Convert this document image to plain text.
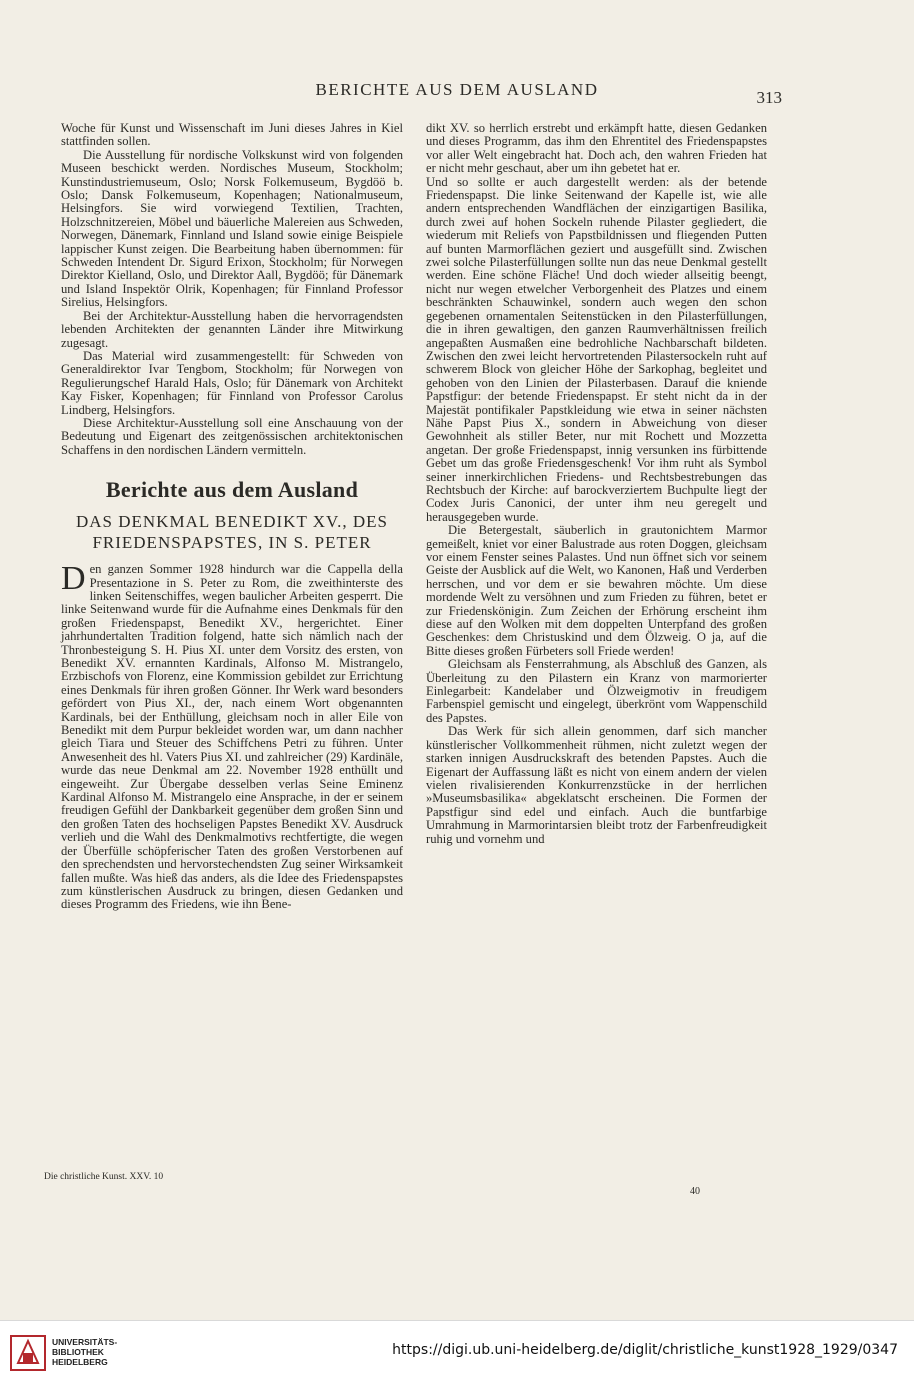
BERICHTE AUS DEM AUSLAND	313

Woche für Kunst und Wissenschaft im Juni dieses Jahres in Kiel stattfinden sollen.

Die Ausstellung für nordische Volkskunst wird von folgenden Museen beschickt werden. Nordisches Museum, Stockholm; Kunstindustriemuseum, Oslo; Norsk Folkemuseum, Bygdöö b. Oslo; Dansk Folkemuseum, Kopenhagen; Nationalmuseum, Helsingfors. Sie wird vorwiegend Textilien, Trachten, Holzschnitzereien, Möbel und bäuerliche Malereien aus Schweden, Norwegen, Dänemark, Finnland und Island sowie einige Beispiele lappischer Kunst zeigen. Die Bearbeitung haben übernommen: für Schweden Intendent Dr. Sigurd Erixon, Stockholm; für Norwegen Direktor Kielland, Oslo, und Direktor Aall, Bygdöö; für Dänemark und Island Inspektör Olrik, Kopenhagen; für Finnland Professor Sirelius, Helsingfors.

Bei der Architektur-Ausstellung haben die hervorragendsten lebenden Architekten der genannten Länder ihre Mitwirkung zugesagt.

Das Material wird zusammengestellt: für Schweden von Generaldirektor Ivar Tengbom, Stockholm; für Norwegen von Regulierungschef Harald Hals, Oslo; für Dänemark von Architekt Kay Fisker, Kopenhagen; für Finnland von Professor Carolus Lindberg, Helsingfors.

Diese Architektur-Ausstellung soll eine Anschauung von der Bedeutung und Eigenart des zeitgenössischen architektonischen Schaffens in den nordischen Ländern vermitteln.

Berichte aus dem Ausland
DAS DENKMAL BENEDIKT XV., DES FRIEDENSPAPSTES, IN S. PETER

Den ganzen Sommer 1928 hindurch war die Cappella della Presentazione in S. Peter zu Rom, die zweithinterste des linken Seitenschiffes, wegen baulicher Arbeiten gesperrt. Die linke Seitenwand wurde für die Aufnahme eines Denkmals für den großen Friedenspapst, Benedikt XV., hergerichtet. Einer jahrhundertalten Tradition folgend, hatte sich nämlich nach der Thronbesteigung S. H. Pius XI. unter dem Vorsitz des ersten, von Benedikt XV. ernannten Kardinals, Alfonso M. Mistrangelo, Erzbischofs von Florenz, eine Kommission gebildet zur Errichtung eines Denkmals für ihren großen Gönner. Ihr Werk ward besonders gefördert von Pius XI., der, nach einem Wort obgenannten Kardinals, bei der Enthüllung, gleichsam noch in aller Eile von Benedikt mit dem Purpur bekleidet worden war, um dann nachher gleich Tiara und Steuer des Schiffchens Petri zu führen. Unter Anwesenheit des hl. Vaters Pius XI. und zahlreicher (29) Kardinäle, wurde das neue Denkmal am 22. November 1928 enthüllt und eingeweiht. Zur Übergabe desselben verlas Seine Eminenz Kardinal Alfonso M. Mistrangelo eine Ansprache, in der er seinem freudigen Gefühl der Dankbarkeit gegenüber dem großen Sinn und den großen Taten des hochseligen Papstes Benedikt XV. Ausdruck verlieh und die Wahl des Denkmalmotivs rechtfertigte, die wegen der Überfülle schöpferischer Taten des großen Verstorbenen auf den sprechendsten und hervorstechendsten Zug seiner Wirksamkeit fallen mußte. Was hieß das anders, als die Idee des Friedenspapstes zum künstlerischen Ausdruck zu bringen, diesen Gedanken und dieses Programm des Friedens, wie ihn Bene-

dikt XV. so herrlich erstrebt und erkämpft hatte, diesen Gedanken und dieses Programm, das ihm den Ehrentitel des Friedenspapstes vor aller Welt eingebracht hat. Doch ach, den wahren Frieden hat er nicht mehr geschaut, aber um ihn gebetet hat er.

Und so sollte er auch dargestellt werden: als der betende Friedenspapst. Die linke Seitenwand der Kapelle ist, wie alle andern entsprechenden Wandflächen der einzigartigen Basilika, durch zwei auf hohen Sockeln ruhende Pilaster gegliedert, die wiederum mit Reliefs von Papstbildnissen und fliegenden Putten auf bunten Marmorflächen geziert und ausgefüllt sind. Zwischen zwei solche Pilasterfüllungen sollte nun das neue Denkmal gestellt werden. Eine schöne Fläche! Und doch wieder allseitig beengt, nicht nur wegen etwelcher Verborgenheit des Platzes und einem beschränkten Schauwinkel, sondern auch wegen den schon gegebenen ornamentalen Seitenstücken in den Pilasterfüllungen, die in ihren gewaltigen, den ganzen Raumverhältnissen freilich angepaßten Ausmaßen eine bedrohliche Nachbarschaft bildeten. Zwischen den zwei leicht hervortretenden Pilastersockeln ruht auf schwerem Block von gleicher Höhe der Sarkophag, begleitet und gehoben von den Linien der Pilasterbasen. Darauf die kniende Papstfigur: der betende Friedenspapst. Er steht nicht da in der Majestät pontifikaler Papstkleidung wie etwa in seiner nächsten Nähe Papst Pius X., sondern in Abweichung von dieser Gewohnheit als stiller Beter, nur mit Rochett und Mozzetta angetan. Der große Friedenspapst, innig versunken ins fürbittende Gebet um das große Friedensgeschenk! Vor ihm ruht als Symbol seiner innerkirchlichen Friedens- und Rechtsbestrebungen das Rechtsbuch der Kirche: auf barockverziertem Buchpulte liegt der Codex Juris Canonici, der unter ihm neu geregelt und herausgegeben wurde.

Die Betergestalt, säuberlich in grautonichtem Marmor gemeißelt, kniet vor einer Balustrade aus roten Doggen, gleichsam vor einem Fenster seines Palastes. Und nun öffnet sich vor seinem Geiste der Ausblick auf die Welt, wo Kanonen, Haß und Verderben herrschen, und vor dem er sie bewahren möchte. Um diese mordende Welt zu versöhnen und zum Frieden zu führen, betet er zur Friedenskönigin. Zum Zeichen der Erhörung erscheint ihm diese auf den Wolken mit dem doppelten Unterpfand des großen Geschenkes: dem Christuskind und dem Ölzweig. O ja, auf die Bitte dieses großen Fürbeters soll Friede werden!

Gleichsam als Fensterrahmung, als Abschluß des Ganzen, als Überleitung zu den Pilastern ein Kranz von marmorierter Einlegarbeit: Kandelaber und Ölzweigmotiv in freudigem Farbenspiel gemischt und eingelegt, überkrönt vom Wappenschild des Papstes.

Das Werk für sich allein genommen, darf sich mancher künstlerischer Vollkommenheit rühmen, nicht zuletzt wegen der starken innigen Ausdruckskraft des betenden Papstes. Auch die Eigenart der Auffassung läßt es nicht von einem andern der vielen vielen rivalisierenden Konkurrenzstücke in der herrlichen »Museumsbasilika« abgeklatscht erscheinen. Die Formen der Papstfigur sind edel und einfach. Auch die buntfarbige Umrahmung in Marmorintarsien bleibt trotz der Farbenfreudigkeit ruhig und vornehm und

Die christliche Kunst. XXV. 10
40
UNIVERSITÄTS-
BIBLIOTHEK
HEIDELBERG
https://digi.ub.uni-heidelberg.de/diglit/christliche_kunst1928_1929/0347
